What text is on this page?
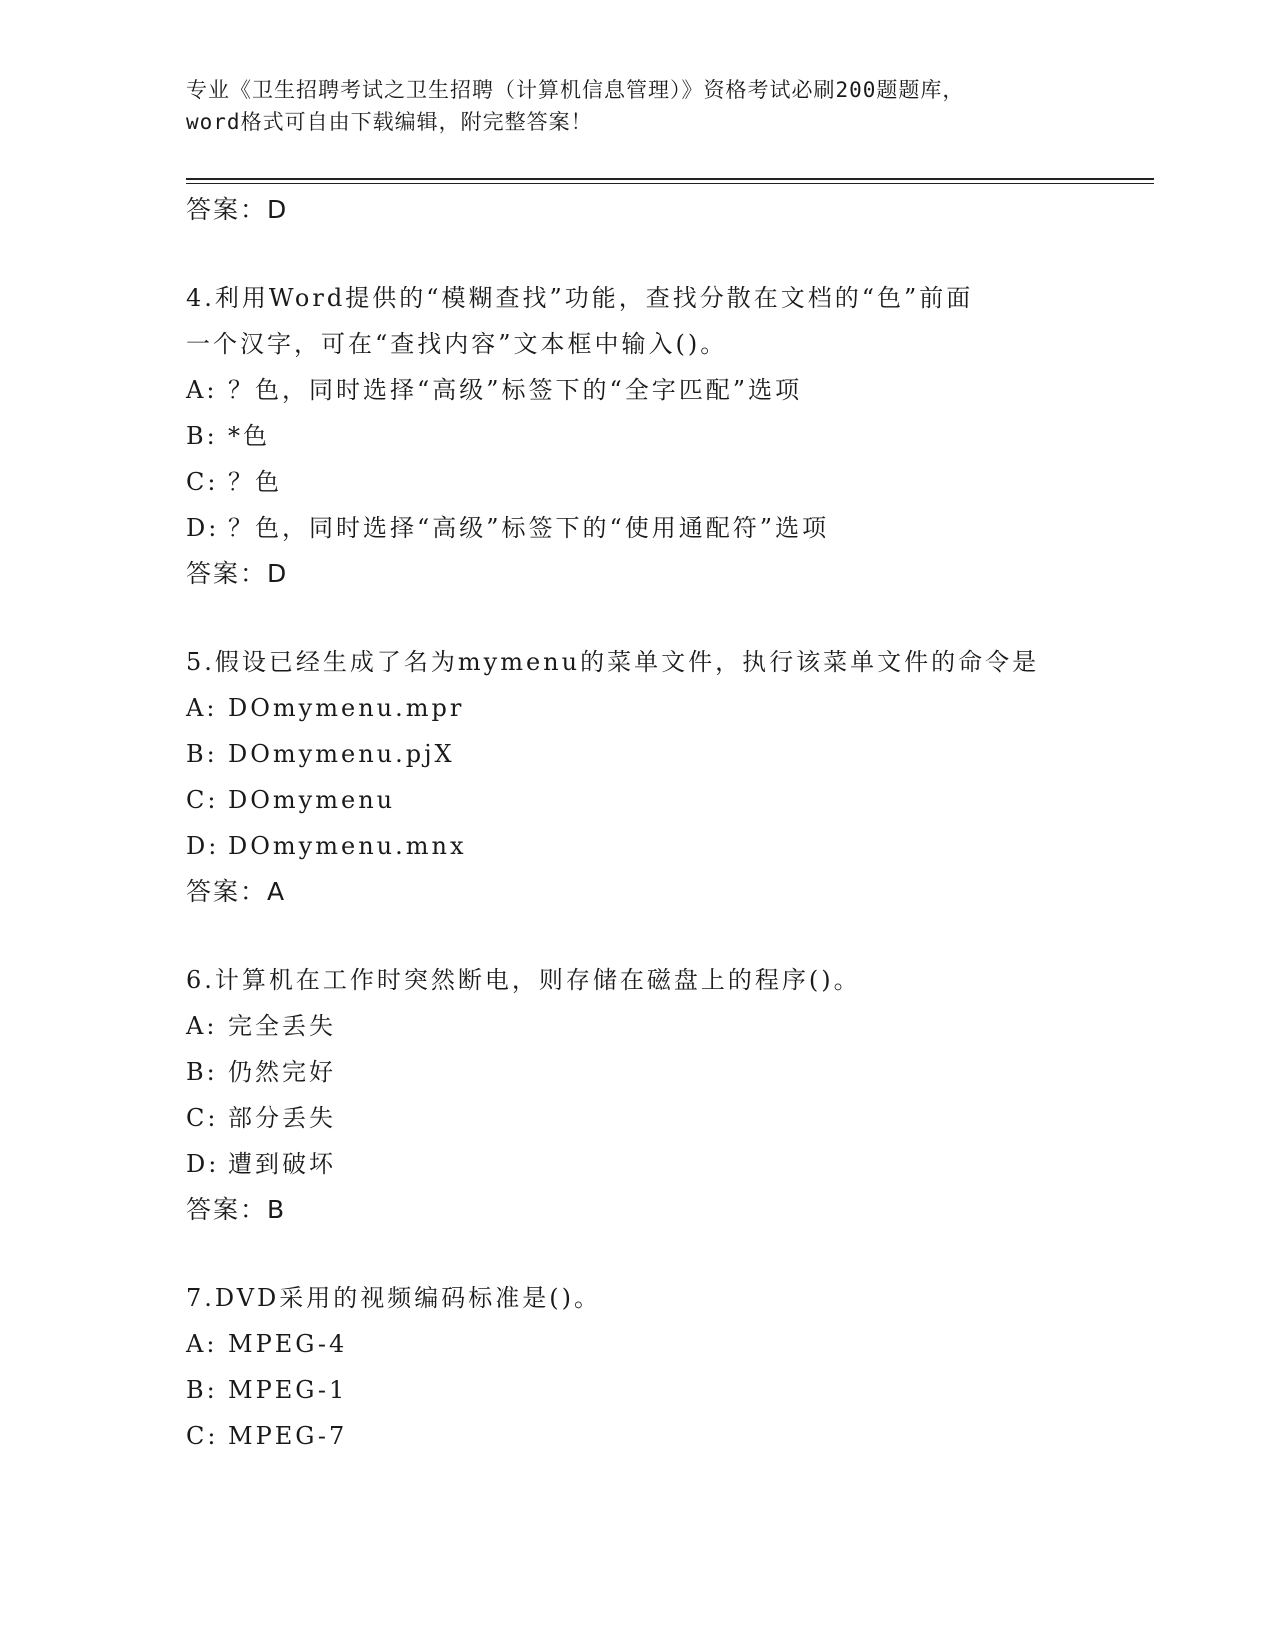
专业《卫生招聘考试之卫生招聘（计算机信息管理）》资格考试必刷200题题库，
word格式可自由下载编辑，附完整答案！
答案：D
4.利用Word提供的“模糊查找”功能，查找分散在文档的“色”前面
一个汉字，可在“查找内容”文本框中输入()。
A: ？色，同时选择“高级”标签下的“全字匹配”选项
B: *色
C: ？色
D: ？色，同时选择“高级”标签下的“使用通配符”选项
答案：D
5.假设已经生成了名为mymenu的菜单文件，执行该菜单文件的命令是
A: DOmymenu.mpr
B: DOmymenu.pjX
C: DOmymenu
D: DOmymenu.mnx
答案：A
6.计算机在工作时突然断电，则存储在磁盘上的程序()。
A: 完全丢失
B: 仍然完好
C: 部分丢失
D: 遭到破坏
答案：B
7.DVD采用的视频编码标准是()。
A: MPEG-4
B: MPEG-1
C: MPEG-7
